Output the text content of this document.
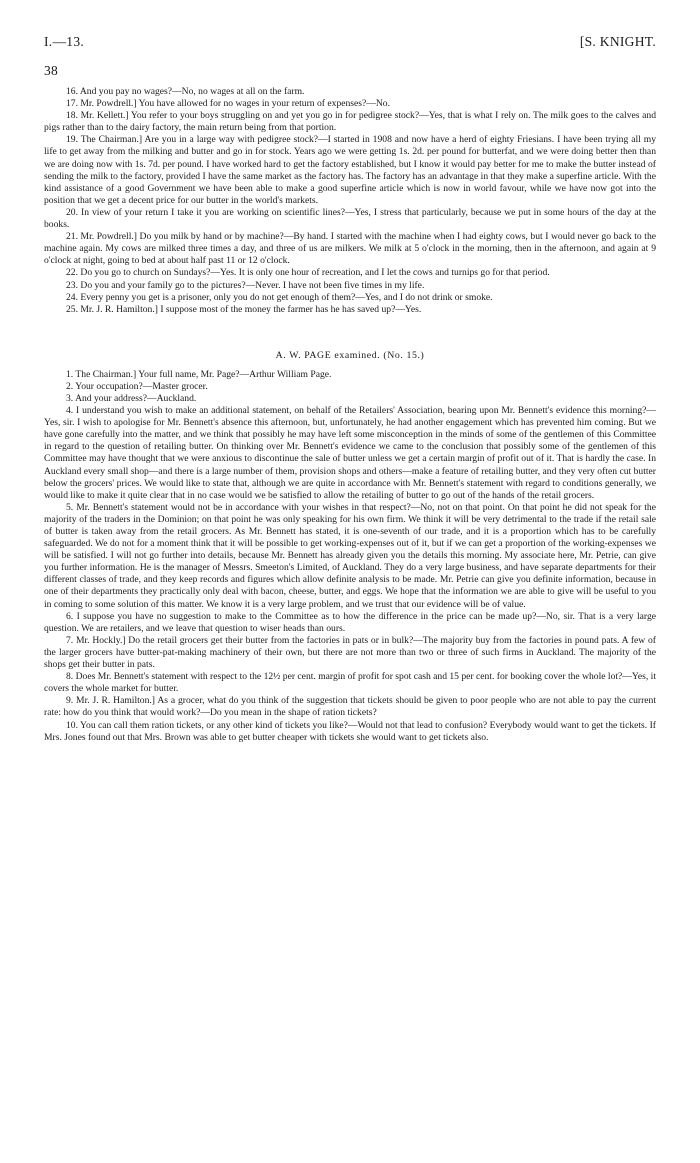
I.—13.	[S. KNIGHT.
38

16. And you pay no wages?—No, no wages at all on the farm.

17. Mr. Powdrell.] You have allowed for no wages in your return of expenses?—No.

18. Mr. Kellett.] You refer to your boys struggling on and yet you go in for pedigree stock?—Yes, that is what I rely on. The milk goes to the calves and pigs rather than to the dairy factory, the main return being from that portion.

19. The Chairman.] Are you in a large way with pedigree stock?—I started in 1908 and now have a herd of eighty Friesians. I have been trying all my life to get away from the milking and butter and go in for stock. Years ago we were getting 1s. 2d. per pound for butterfat, and we were doing better then than we are doing now with 1s. 7d. per pound. I have worked hard to get the factory established, but I know it would pay better for me to make the butter instead of sending the milk to the factory, provided I have the same market as the factory has. The factory has an advantage in that they make a superfine article. With the kind assistance of a good Government we have been able to make a good superfine article which is now in world favour, while we have now got into the position that we get a decent price for our butter in the world's markets.

20. In view of your return I take it you are working on scientific lines?—Yes, I stress that particularly, because we put in some hours of the day at the books.

21. Mr. Powdrell.] Do you milk by hand or by machine?—By hand. I started with the machine when I had eighty cows, but I would never go back to the machine again. My cows are milked three times a day, and three of us are milkers. We milk at 5 o'clock in the morning, then in the afternoon, and again at 9 o'clock at night, going to bed at about half past 11 or 12 o'clock.

22. Do you go to church on Sundays?—Yes. It is only one hour of recreation, and I let the cows and turnips go for that period.

23. Do you and your family go to the pictures?—Never. I have not been five times in my life.

24. Every penny you get is a prisoner, only you do not get enough of them?—Yes, and I do not drink or smoke.

25. Mr. J. R. Hamilton.] I suppose most of the money the farmer has he has saved up?—Yes.

A. W. PAGE examined. (No. 15.)

1. The Chairman.] Your full name, Mr. Page?—Arthur William Page.

2. Your occupation?—Master grocer.

3. And your address?—Auckland.

4. I understand you wish to make an additional statement, on behalf of the Retailers' Association, bearing upon Mr. Bennett's evidence this morning?—Yes, sir. I wish to apologise for Mr. Bennett's absence this afternoon, but, unfortunately, he had another engagement which has prevented him coming. But we have gone carefully into the matter, and we think that possibly he may have left some misconception in the minds of some of the gentlemen of this Committee in regard to the question of retailing butter. On thinking over Mr. Bennett's evidence we came to the conclusion that possibly some of the gentlemen of this Committee may have thought that we were anxious to discontinue the sale of butter unless we get a certain margin of profit out of it. That is hardly the case. In Auckland every small shop—and there is a large number of them, provision shops and others—make a feature of retailing butter, and they very often cut butter below the grocers' prices. We would like to state that, although we are quite in accordance with Mr. Bennett's statement with regard to conditions generally, we would like to make it quite clear that in no case would we be satisfied to allow the retailing of butter to go out of the hands of the retail grocers.

5. Mr. Bennett's statement would not be in accordance with your wishes in that respect?—No, not on that point. On that point he did not speak for the majority of the traders in the Dominion; on that point he was only speaking for his own firm. We think it will be very detrimental to the trade if the retail sale of butter is taken away from the retail grocers. As Mr. Bennett has stated, it is one-seventh of our trade, and it is a proportion which has to be carefully safeguarded. We do not for a moment think that it will be possible to get working-expenses out of it, but if we can get a proportion of the working-expenses we will be satisfied. I will not go further into details, because Mr. Bennett has already given you the details this morning. My associate here, Mr. Petrie, can give you further information. He is the manager of Messrs. Smeeton's Limited, of Auckland. They do a very large business, and have separate departments for their different classes of trade, and they keep records and figures which allow definite analysis to be made. Mr. Petrie can give you definite information, because in one of their departments they practically only deal with bacon, cheese, butter, and eggs. We hope that the information we are able to give will be useful to you in coming to some solution of this matter. We know it is a very large problem, and we trust that our evidence will be of value.

6. I suppose you have no suggestion to make to the Committee as to how the difference in the price can be made up?—No, sir. That is a very large question. We are retailers, and we leave that question to wiser heads than ours.

7. Mr. Hockly.] Do the retail grocers get their butter from the factories in pats or in bulk?—The majority buy from the factories in pound pats. A few of the larger grocers have butter-pat-making machinery of their own, but there are not more than two or three of such firms in Auckland. The majority of the shops get their butter in pats.

8. Does Mr. Bennett's statement with respect to the 12½ per cent. margin of profit for spot cash and 15 per cent. for booking cover the whole lot?—Yes, it covers the whole market for butter.

9. Mr. J. R. Hamilton.] As a grocer, what do you think of the suggestion that tickets should be given to poor people who are not able to pay the current rate: how do you think that would work?—Do you mean in the shape of ration tickets?

10. You can call them ration tickets, or any other kind of tickets you like?—Would not that lead to confusion? Everybody would want to get the tickets. If Mrs. Jones found out that Mrs. Brown was able to get butter cheaper with tickets she would want to get tickets also.
